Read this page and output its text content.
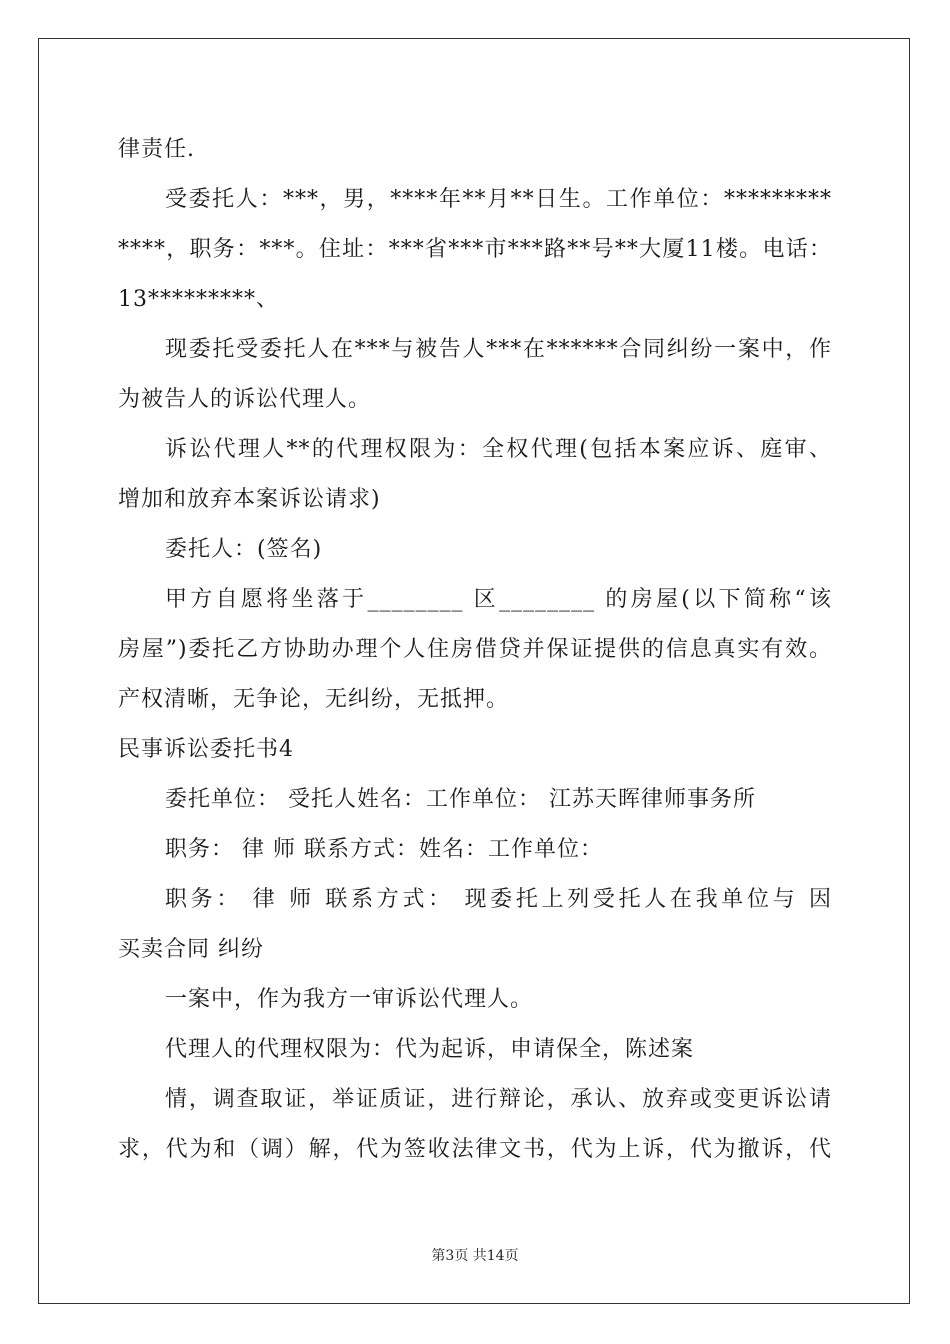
律责任.
受委托人：***，男，****年**月**日生。工作单位：*********
****，职务：***。住址：***省***市***路**号**大厦11楼。电话：
13*********、
现委托受委托人在***与被告人***在******合同纠纷一案中，作
为被告人的诉讼代理人。
诉讼代理人**的代理权限为：全权代理(包括本案应诉、庭审、
增加和放弃本案诉讼请求)
委托人：(签名)
甲方自愿将坐落于________ 区________ 的房屋(以下简称“该
房屋”)委托乙方协助办理个人住房借贷并保证提供的信息真实有效。
产权清晰，无争论，无纠纷，无抵押。
民事诉讼委托书4
委托单位： 受托人姓名：工作单位： 江苏天晖律师事务所
职务： 律 师 联系方式：姓名：工作单位：
职务： 律 师 联系方式： 现委托上列受托人在我单位与 因
买卖合同 纠纷
一案中，作为我方一审诉讼代理人。
代理人的代理权限为：代为起诉，申请保全，陈述案
情，调查取证，举证质证，进行辩论，承认、放弃或变更诉讼请
求，代为和（调）解，代为签收法律文书，代为上诉，代为撤诉，代
第3页 共14页
